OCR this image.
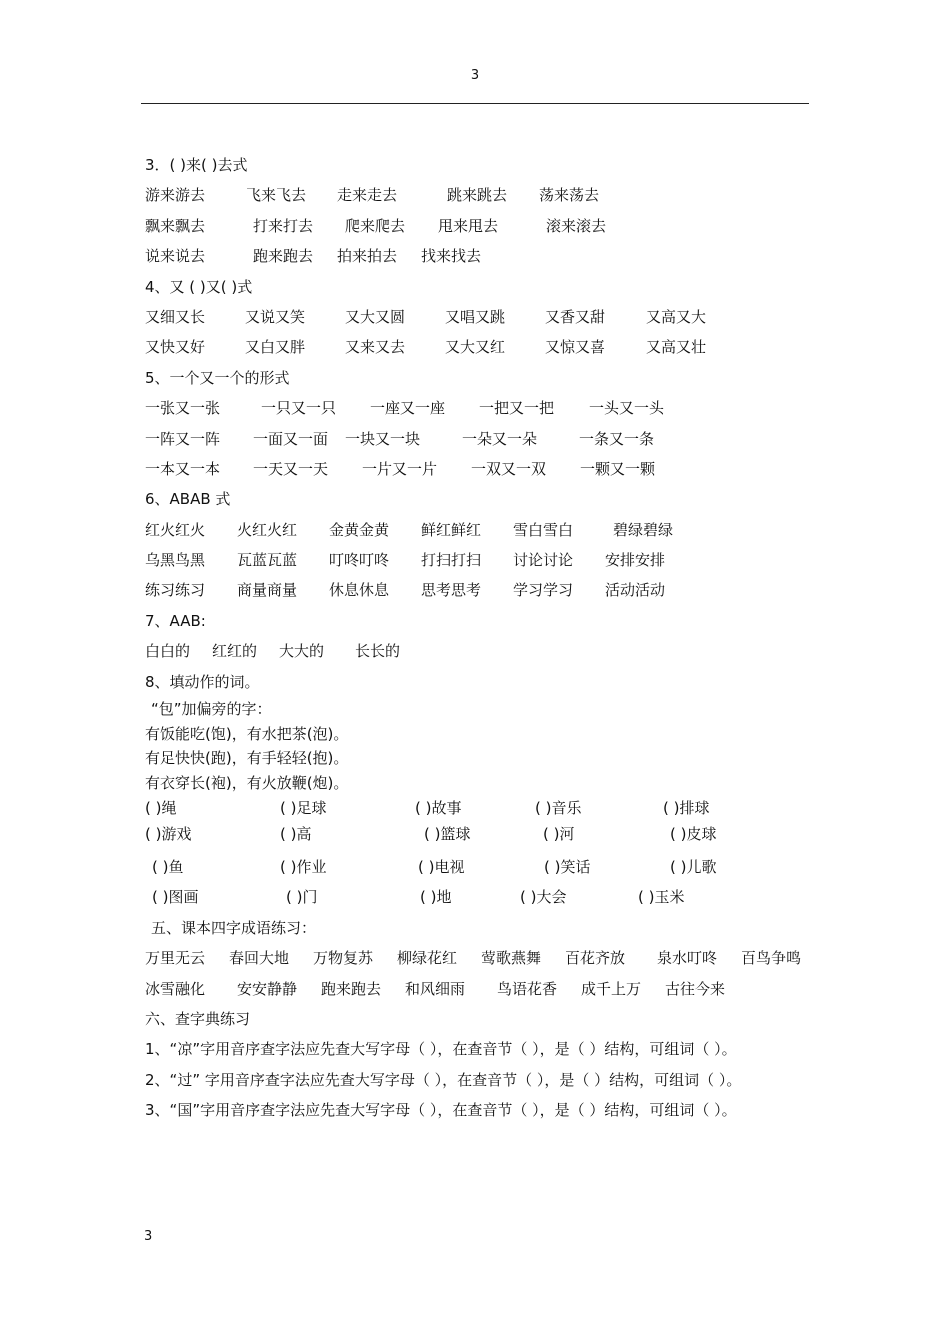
3
3．( )来( )去式
游来游去	飞来飞去 走来走去	跳来跳去 荡来荡去
飘来飘去	打来打去 爬来爬去 甩来甩去	滚来滚去
说来说去	跑来跑去 拍来拍去 找来找去
4、又 ( )又( )式
又细又长	又说又笑	又大又圆	又唱又跳	又香又甜	又高又大
又快又好	又白又胖	又来又去	又大又红	又惊又喜	又高又壮
5、一个又一个的形式
一张又一张	一只又一只 一座又一座 一把又一把 一头又一头
一阵又一阵 一面又一面 一块又一块	一朵又一朵	一条又一条
一本又一本 一天又一天 一片又一片 一双又一双 一颗又一颗
6、ABAB 式
红火红火 火红火红 金黄金黄 鲜红鲜红 雪白雪白	碧绿碧绿
乌黑鸟黑 瓦蓝瓦蓝 叮咚叮咚 打扫打扫 讨论讨论 安排安排
练习练习 商量商量 休息休息 思考思考 学习学习 活动活动
7、AAB:
白白的 红红的 大大的 长长的
8、填动作的词。
“包”加偏旁的字：
有饭能吃(饱)，有水把茶(泡)。
有足快快(跑)，有手轻轻(抱)。
有衣穿长(袍)，有火放鞭(炮)。
( )绳	( )足球	( )故事	( )音乐	( )排球
( )游戏	( )高	( )篮球	( )河	( )皮球
( )鱼	( )作业	( )电视	( )笑话	( )儿歌
( )图画	( )门	( )地	( )大会	( )玉米
五、课本四字成语练习：
万里无云 春回大地 万物复苏 柳绿花红 莺歌燕舞 百花齐放 泉水叮咚 百鸟争鸣
冰雪融化 安安静静 跑来跑去 和风细雨 鸟语花香 成千上万 古往今来
六、查字典练习
1、“凉”字用音序查字法应先查大写字母（ ），在查音节（ ），是（ ）结构，可组词（ ）。
2、“过” 字用音序查字法应先查大写字母（ ），在查音节（ ），是（ ）结构，可组词（ ）。
3、“国”字用音序查字法应先查大写字母（ ），在查音节（ ），是（ ）结构，可组词（ ）。
3
